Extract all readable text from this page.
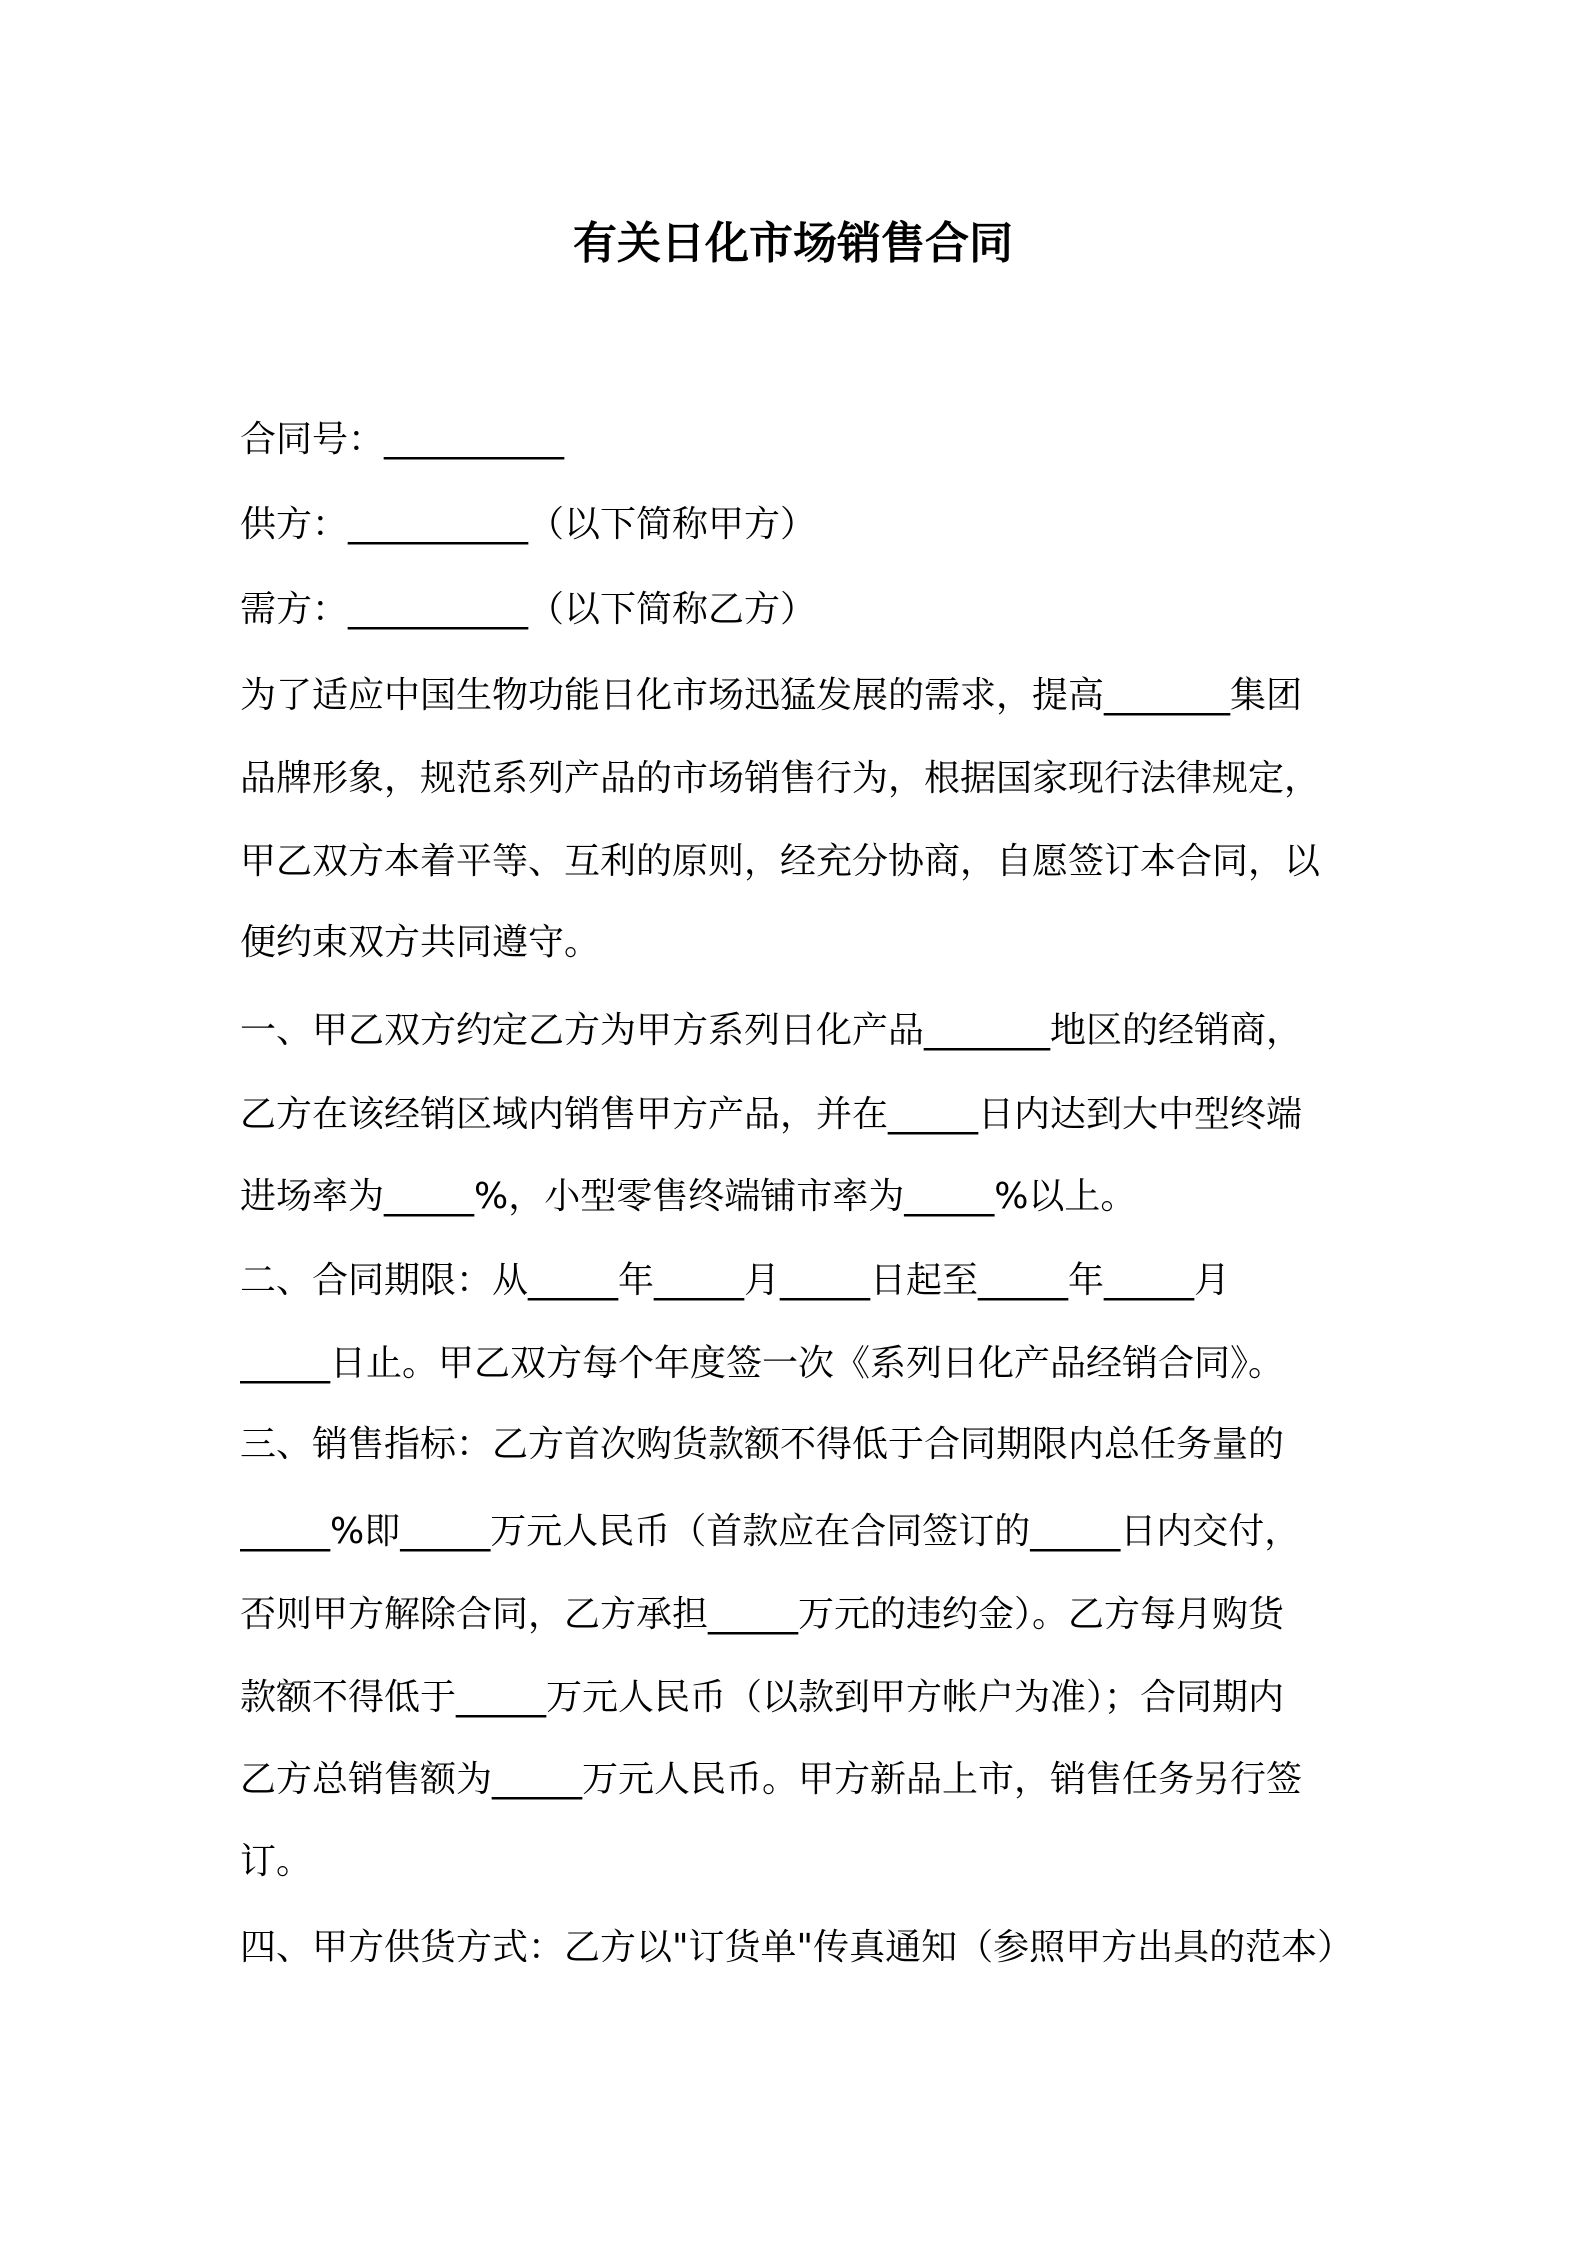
有关日化市场销售合同
合同号：__________
供方：__________（以下简称甲方）
需方：__________（以下简称乙方）
为了适应中国生物功能日化市场迅猛发展的需求，提高_______集团
品牌形象，规范系列产品的市场销售行为，根据国家现行法律规定，
甲乙双方本着平等、互利的原则，经充分协商，自愿签订本合同，以
便约束双方共同遵守。
一、甲乙双方约定乙方为甲方系列日化产品_______地区的经销商，
乙方在该经销区域内销售甲方产品，并在_____日内达到大中型终端
进场率为_____%，小型零售终端铺市率为_____%以上。
二、合同期限：从_____年_____月_____日起至_____年_____月
_____日止。甲乙双方每个年度签一次《系列日化产品经销合同》。
三、销售指标：乙方首次购货款额不得低于合同期限内总任务量的
_____%即_____万元人民币（首款应在合同签订的_____日内交付，
否则甲方解除合同，乙方承担_____万元的违约金）。乙方每月购货
款额不得低于_____万元人民币（以款到甲方帐户为准）；合同期内
乙方总销售额为_____万元人民币。甲方新品上市，销售任务另行签
订。
四、甲方供货方式：乙方以"订货单"传真通知（参照甲方出具的范本）
